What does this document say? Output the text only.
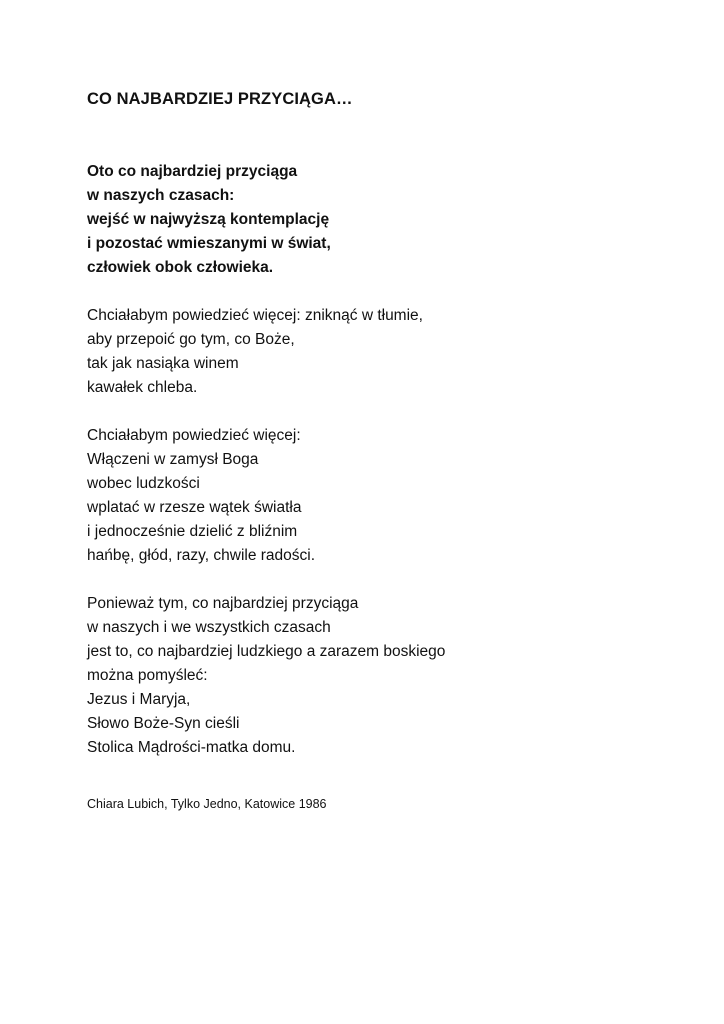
CO NAJBARDZIEJ PRZYCIĄGA…
Oto co najbardziej przyciąga
w naszych czasach:
wejść w najwyższą kontemplację
i pozostać wmieszanymi w świat,
człowiek obok człowieka.
Chciałabym powiedzieć więcej: zniknąć w tłumie,
aby przepoić go tym, co Boże,
tak jak nasiąka winem
kawałek chleba.
Chciałabym powiedzieć więcej:
Włączeni w zamysł Boga
wobec ludzkości
wplatać w rzesze wątek światła
i jednocześnie dzielić z bliźnim
hańbę, głód, razy, chwile radości.
Ponieważ tym, co najbardziej przyciąga
w naszych i we wszystkich czasach
jest to, co najbardziej ludzkiego a zarazem boskiego
można pomyśleć:
Jezus i Maryja,
Słowo Boże-Syn cieśli
Stolica Mądrości-matka domu.

Chiara Lubich, Tylko Jedno, Katowice 1986
